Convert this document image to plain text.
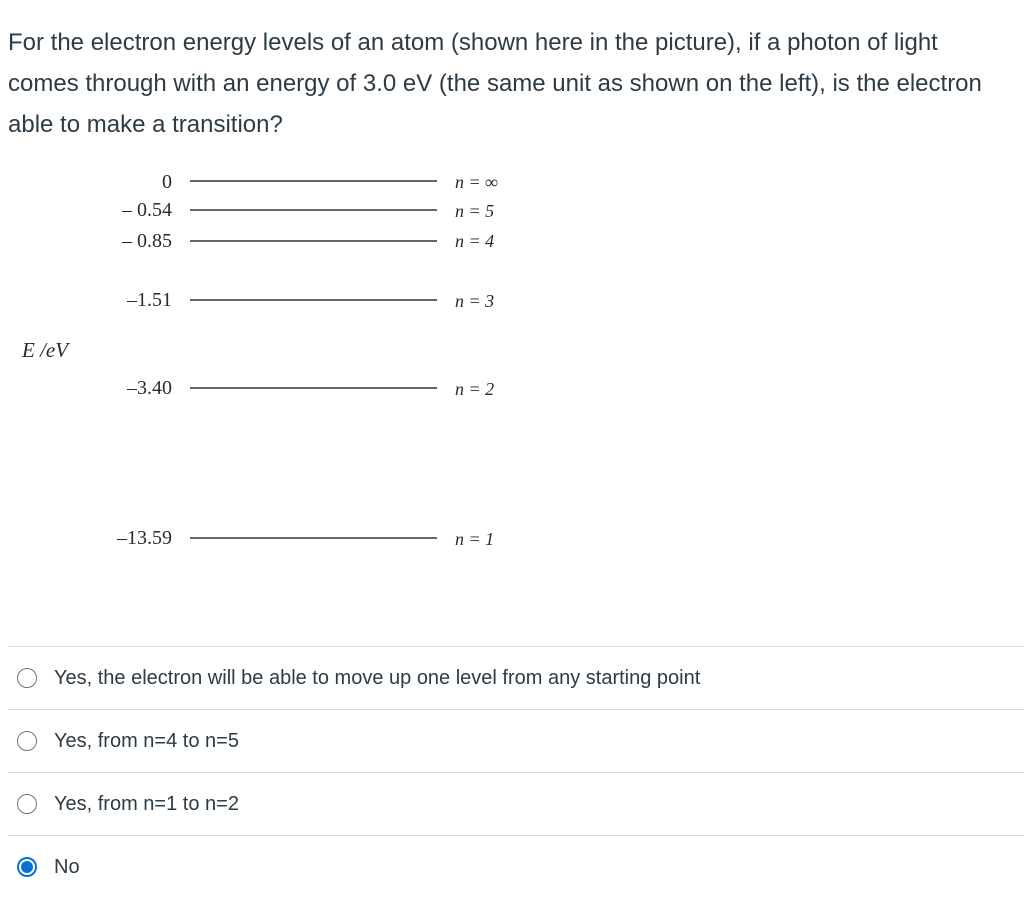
For the electron energy levels of an atom (shown here in the picture), if a photon of light comes through with an energy of 3.0 eV (the same unit as shown on the left), is the electron able to make a transition?

E /eV
0	n = ∞
– 0.54	n = 5
– 0.85	n = 4
–1.51	n = 3
–3.40	n = 2
–13.59	n = 1
Yes, the electron will be able to move up one level from any starting point
Yes, from n=4 to n=5
Yes, from n=1 to n=2
No
